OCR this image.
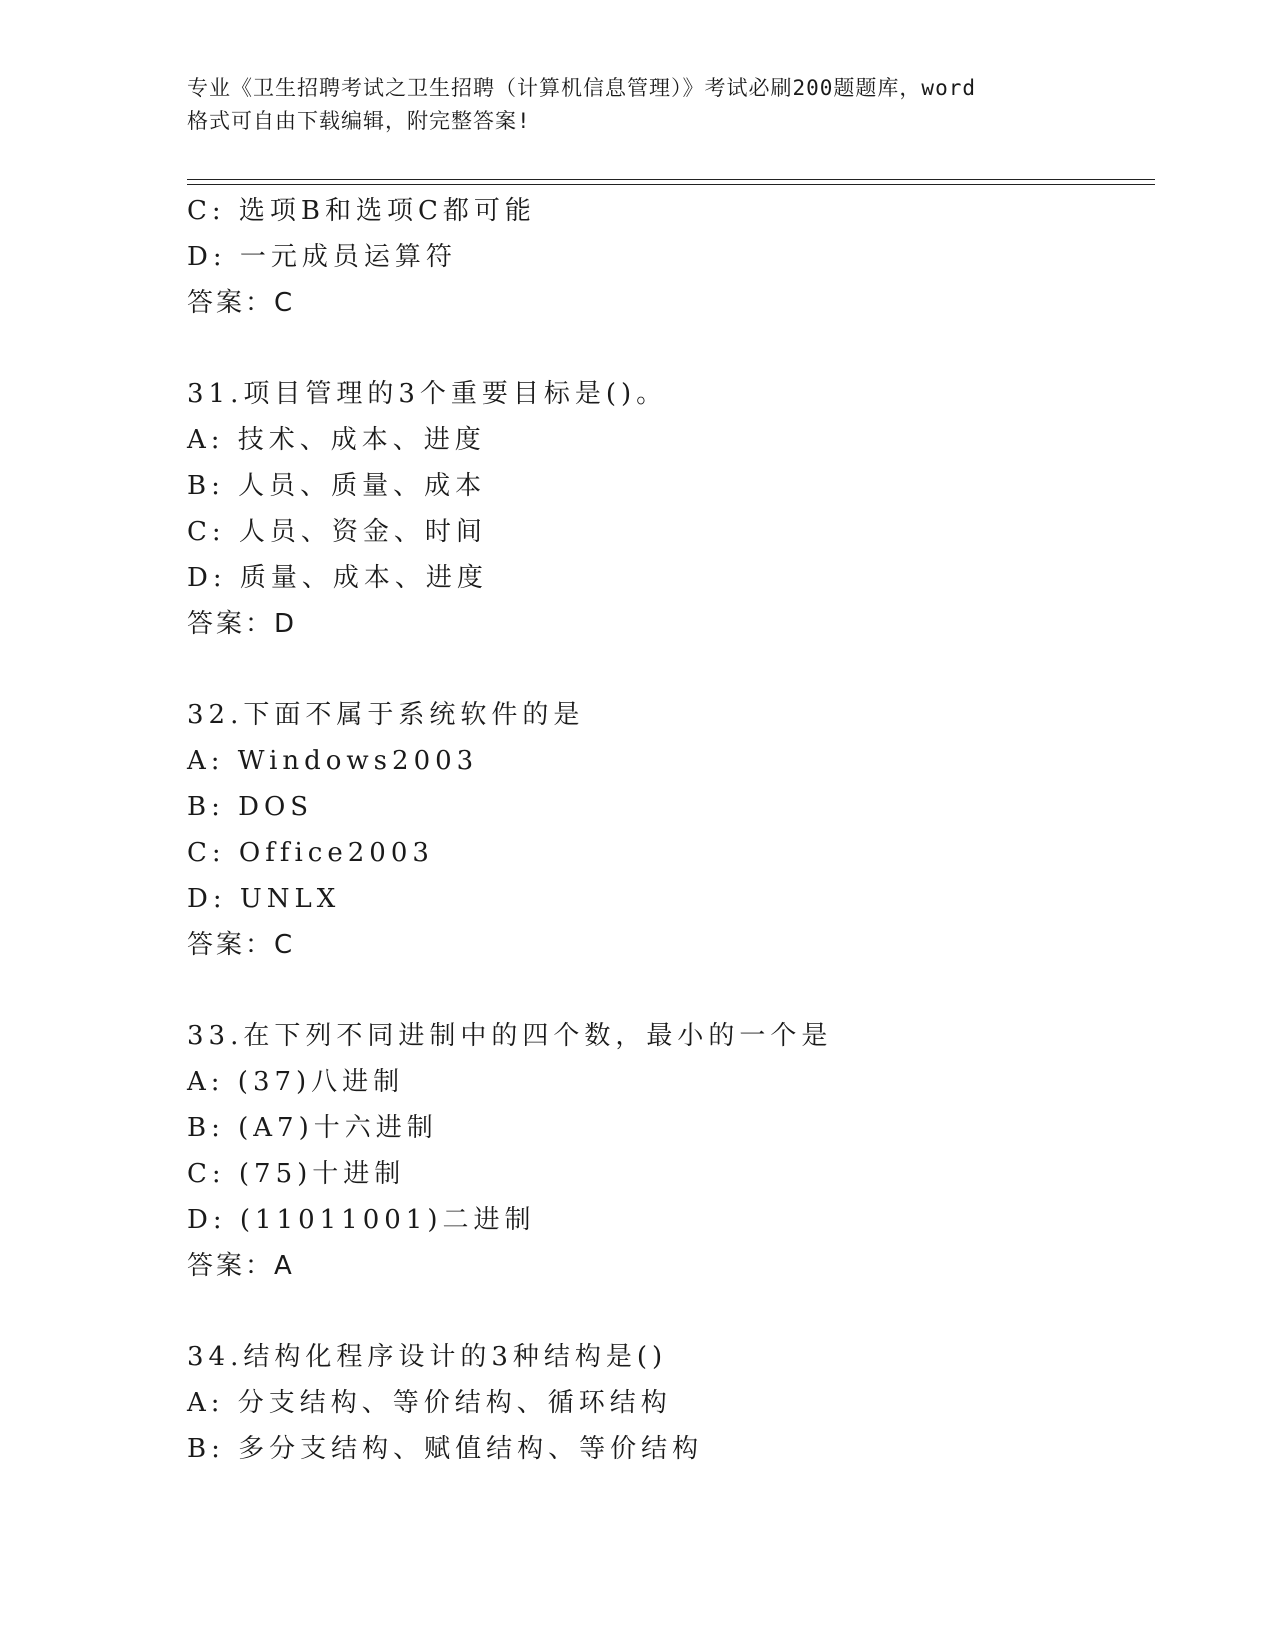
专业《卫生招聘考试之卫生招聘（计算机信息管理）》考试必刷200题题库，word
格式可自由下载编辑，附完整答案!
C: 选项B和选项C都可能
D: 一元成员运算符
答案：C
31.项目管理的3个重要目标是()。
A: 技术、成本、进度
B: 人员、质量、成本
C: 人员、资金、时间
D: 质量、成本、进度
答案：D
32.下面不属于系统软件的是
A: Windows2003
B: DOS
C: Office2003
D: UNLX
答案：C
33.在下列不同进制中的四个数，最小的一个是
A: (37)八进制
B: (A7)十六进制
C: (75)十进制
D: (11011001)二进制
答案：A
34.结构化程序设计的3种结构是()
A: 分支结构、等价结构、循环结构
B: 多分支结构、赋值结构、等价结构
